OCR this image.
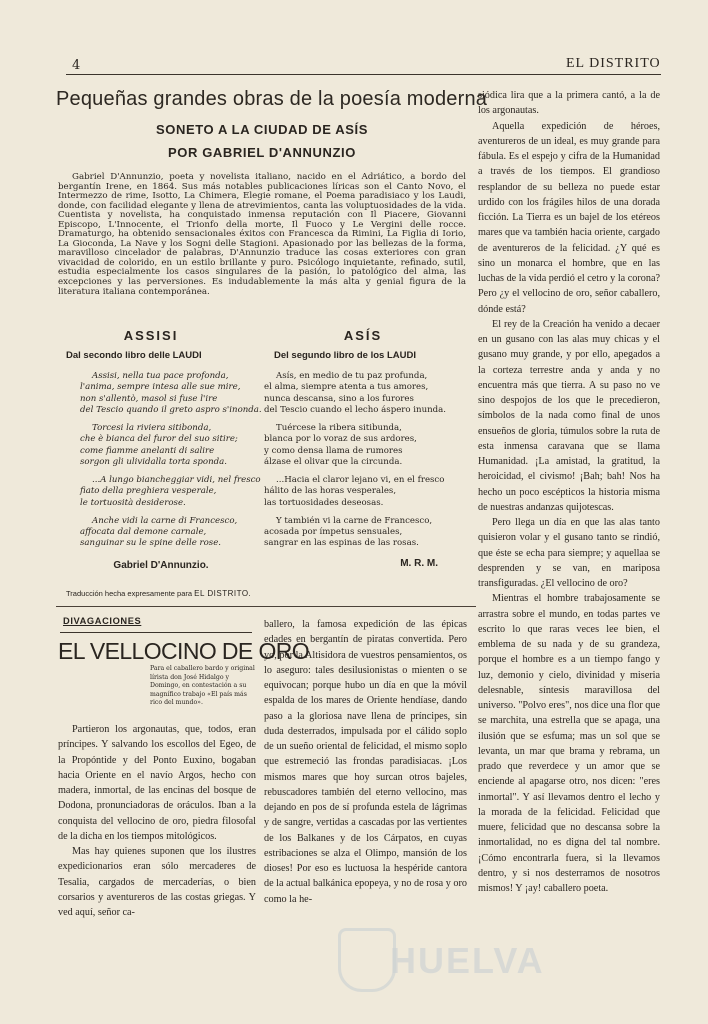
4	EL DISTRITO
Pequeñas grandes obras de la poesía moderna
SONETO A LA CIUDAD DE ASÍS
POR GABRIEL D'ANNUNZIO

Gabriel D'Annunzio, poeta y novelista italiano, nacido en el Adriático, a bordo del bergantín Irene, en 1864. Sus más notables publicaciones líricas son el Canto Novo, el Intermezzo de rime, Isotto, La Chimera, Elegie romane, el Poema paradisiaco y los Laudi, donde, con facilidad elegante y llena de atrevimientos, canta las voluptuosidades de la vida. Cuentista y novelista, ha conquistado inmensa reputación con Il Piacere, Giovanni Episcopo, L'Innocente, el Trionfo della morte, Il Fuoco y Le Vergini delle rocce. Dramaturgo, ha obtenido sensacionales éxitos con Francesca da Rimini, La Figlia di Iorio, La Gioconda, La Nave y los Sogni delle Stagioni. Apasionado por las bellezas de la forma, maravilloso cincelador de palabras, D'Annunzio traduce las cosas exteriores con gran vivacidad de colorido, en un estilo brillante y puro. Psicólogo inquietante, refinado, sutil, estudia especialmente los casos singulares de la pasión, lo patológico del alma, las excepciones y las perversiones. Es indudablemente la más alta y genial figura de la literatura italiana contemporánea.

ASSISI	ASÍS
Dal secondo libro delle LAUDI	Del segundo libro de los LAUDI
Assisi, nella tua pace profonda,
l'anima, sempre intesa alle sue mire,
non s'allentò, masol si fuse l'ire
del Tescio quando il greto aspro s'inonda.
Torcesi la riviera sitibonda,
che è bianca del furor del suo sitire;
come fiamme anelanti di salire
sorgon gli ulividalla torta sponda.
...A lungo biancheggiar vidi, nel fresco
fiato della preghiera vesperale,
le tortuosità desiderose.
Anche vidi la carne di Francesco,
affocata dal demone carnale,
sanguinar su le spine delle rose.
Asís, en medio de tu paz profunda,
el alma, siempre atenta a tus amores,
nunca descansa, sino a los furores
del Tescio cuando el lecho áspero inunda.
Tuércese la ribera sitibunda,
blanca por lo voraz de sus ardores,
y como densa llama de rumores
álzase el olivar que la circunda.
...Hacia el claror lejano vi, en el fresco
hálito de las horas vesperales,
las tortuosidades deseosas.
Y también vi la carne de Francesco,
acosada por ímpetus sensuales,
sangrar en las espinas de las rosas.
Gabriel D'Annunzio.	M. R. M.
Traducción hecha expresamente para EL DISTRITO.

siódica lira que a la primera cantó, a la de los argonautas.

Aquella expedición de héroes, aventureros de un ideal, es muy grande para fábula. Es el espejo y cifra de la Humanidad a través de los tiempos. El grandioso resplandor de su belleza no puede estar urdido con los frágiles hilos de una dorada ficción. La Tierra es un bajel de los etéreos mares que va también hacia oriente, cargado de aventureros de la felicidad. ¿Y qué es sino un monarca el hombre, que en las luchas de la vida perdió el cetro y la corona? Pero ¿y el vellocino de oro, señor caballero, dónde está?

El rey de la Creación ha venido a decaer en un gusano con las alas muy chicas y el gusano muy grande, y por ello, apegados a la corteza terrestre anda y anda y no encuentra más que tierra. A su paso no ve sino despojos de los que le precedieron, símbolos de la nada como final de unos ensueños de gloria, túmulos sobre la ruta de esta inmensa caravana que se llama Humanidad. ¡La amistad, la gratitud, la heroicidad, el civismo! ¡Bah; bah! Nos ha hecho un poco escépticos la historia misma de nuestras andanzas quijotescas.

Pero llega un día en que las alas tanto quisieron volar y el gusano tanto se rindió, que éste se echa para siempre; y aquellaa se desprenden y se van, en mariposa transfiguradas. ¿El vellocino de oro?

Mientras el hombre trabajosamente se arrastra sobre el mundo, en todas partes ve escrito lo que raras veces lee bien, el emblema de su nada y de su grandeza, porque el hombre es a un tiempo fango y luz, demonio y cielo, divinidad y miseria delesnable, síntesis maravillosa del universo. "Polvo eres", nos dice una flor que se marchita, una estrella que se apaga, una ilusión que se esfuma; mas un sol que se levanta, un mar que brama y rebrama, un prado que reverdece y un amor que se enciende al apagarse otro, nos dicen: "eres inmortal". Y así llevamos dentro el lecho y la morada de la felicidad. Felicidad que muere, felicidad que no descansa sobre la inmortalidad, no es digna del tal nombre. ¡Cómo encontrarla fuera, si la llevamos dentro, y si nos desterramos de nosotros mismos! Y ¡ay! caballero poeta.

DIVAGACIONES
EL VELLOCINO DE ORO
Para el caballero bardo y original lírista don José Hidalgo y Domingo, en contestación a su magnífico trabajo «El país más rico del mundo».

Partieron los argonautas, que, todos, eran príncipes. Y salvando los escollos del Egeo, de la Propóntide y del Ponto Euxino, bogaban hacia Oriente en el navío Argos, hecho con madera, inmortal, de las encinas del bosque de Dodona, pronunciadoras de oráculos. Iban a la conquista del vellocino de oro, piedra filosofal de la dicha en los tiempos mitológicos.

Mas hay quienes suponen que los ilustres expedicionarios eran sólo mercaderes de Tesalia, cargados de mercaderías, o bien corsarios y aventureros de las costas griegas. Y ved aquí, señor ca-

ballero, la famosa expedición de las épicas edades en bergantín de piratas convertida. Pero yo, por la Altisidora de vuestros pensamientos, os lo aseguro: tales desilusionistas o mienten o se equivocan; porque hubo un día en que la móvil espalda de los mares de Oriente hendíase, dando paso a la gloriosa nave llena de príncipes, sin duda desterrados, impulsada por el cálido soplo de un sueño oriental de felicidad, el mismo soplo que estremeció las frondas paradisiacas. ¡Los mismos mares que hoy surcan otros bajeles, rebuscadores también del eterno vellocino, mas dejando en pos de sí profunda estela de lágrimas y de sangre, vertidas a cascadas por las vertientes de los Balkanes y de los Cárpatos, en cuyas estribaciones se alza el Olimpo, mansión de los dioses! Por eso es luctuosa la hespéride cantora de la actual balkánica epopeya, y no de rosa y oro como la he-

HUELVA
